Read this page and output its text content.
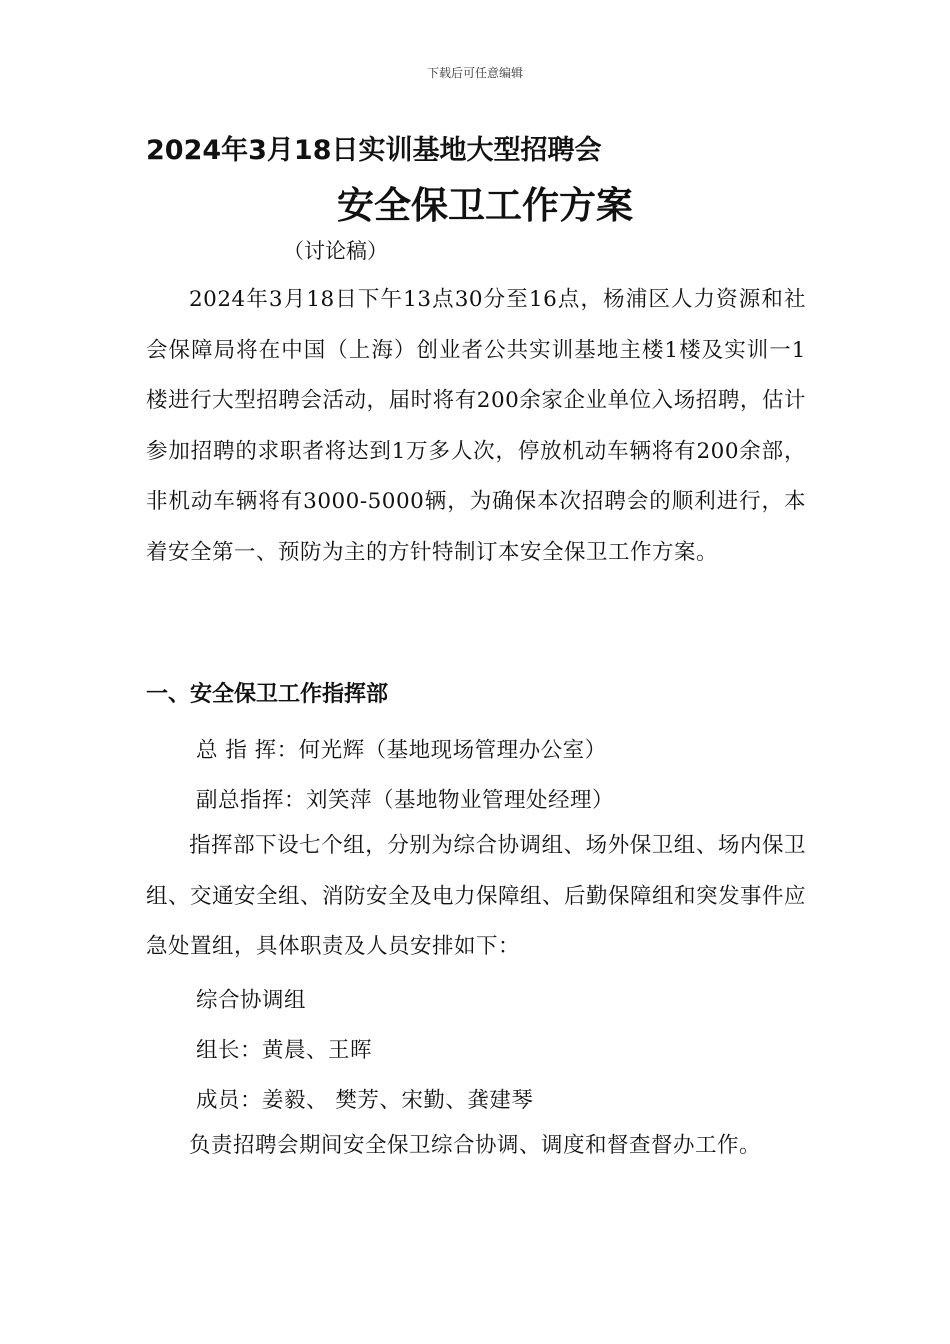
下载后可任意编辑
2024年3月18日实训基地大型招聘会
安全保卫工作方案
（讨论稿）
2024年3月18日下午13点30分至16点，杨浦区人力资源和社会保障局将在中国（上海）创业者公共实训基地主楼1楼及实训一1楼进行大型招聘会活动，届时将有200余家企业单位入场招聘，估计参加招聘的求职者将达到1万多人次，停放机动车辆将有200余部，非机动车辆将有3000-5000辆，为确保本次招聘会的顺利进行，本着安全第一、预防为主的方针特制订本安全保卫工作方案。
一、安全保卫工作指挥部
总 指 挥：何光辉（基地现场管理办公室）
副总指挥：刘笑萍（基地物业管理处经理）
指挥部下设七个组，分别为综合协调组、场外保卫组、场内保卫组、交通安全组、消防安全及电力保障组、后勤保障组和突发事件应急处置组，具体职责及人员安排如下：
综合协调组
组长：黄晨、王晖
成员：姜毅、 樊芳、宋勤、龚建琴
负责招聘会期间安全保卫综合协调、调度和督查督办工作。
